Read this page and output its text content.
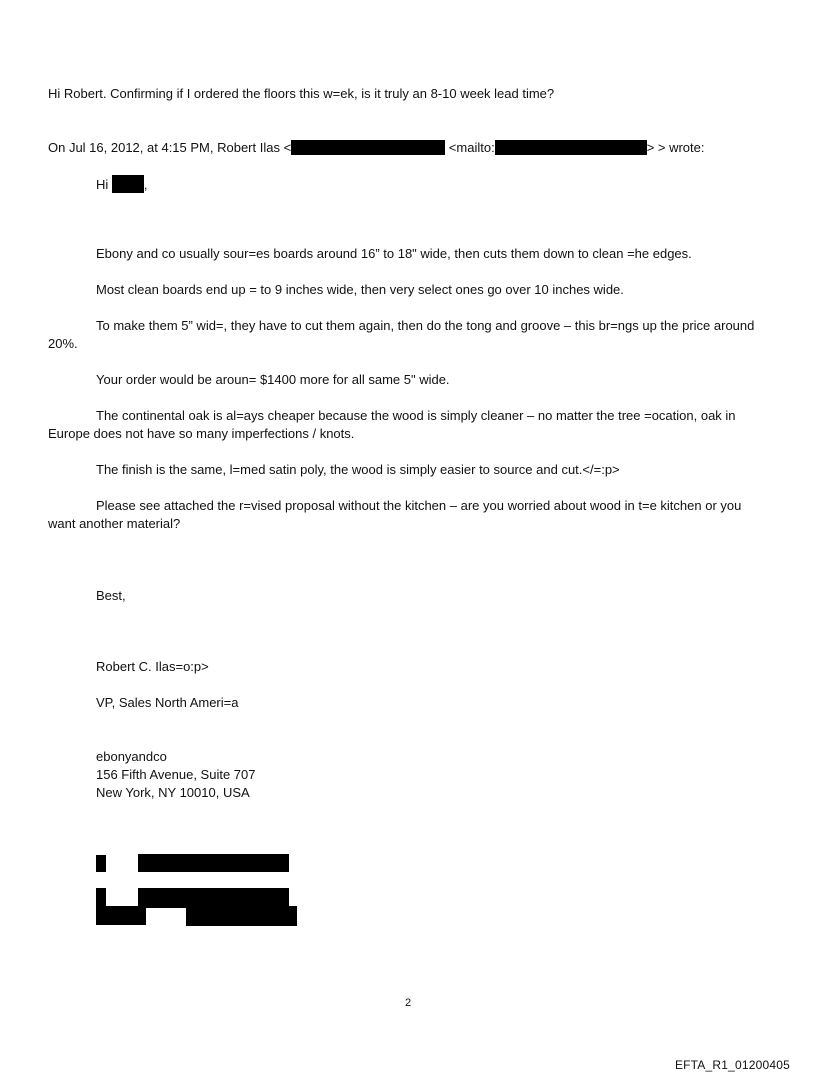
Hi Robert. Confirming if I ordered the floors this w=ek, is it truly an 8-10 week lead time?
On Jul 16, 2012, at 4:15 PM, Robert Ilas <	<mailto:	> > wrote:
Hi	,
Ebony and co usually sour=es boards around 16” to 18" wide, then cuts them down to clean =he edges.
Most clean boards end up = to 9 inches wide, then very select ones go over 10 inches wide.
To make them 5” wid=, they have to cut them again, then do the tong and groove – this br=ngs up the price around 20%.
Your order would be aroun= $1400 more for all same 5" wide.
The continental oak is al=ays cheaper because the wood is simply cleaner – no matter the tree =ocation, oak in Europe does not have so many imperfections / knots.
The finish is the same, l=med satin poly, the wood is simply easier to source and cut.</=:p>
Please see attached the r=vised proposal without the kitchen – are you worried about wood in t=e kitchen or you want another material?
Best,
Robert C. Ilas=o:p>
VP, Sales North Ameri=a
ebonyandco
156 Fifth Avenue, Suite 707
New York, NY 10010, USA
2
EFTA_R1_01200405
